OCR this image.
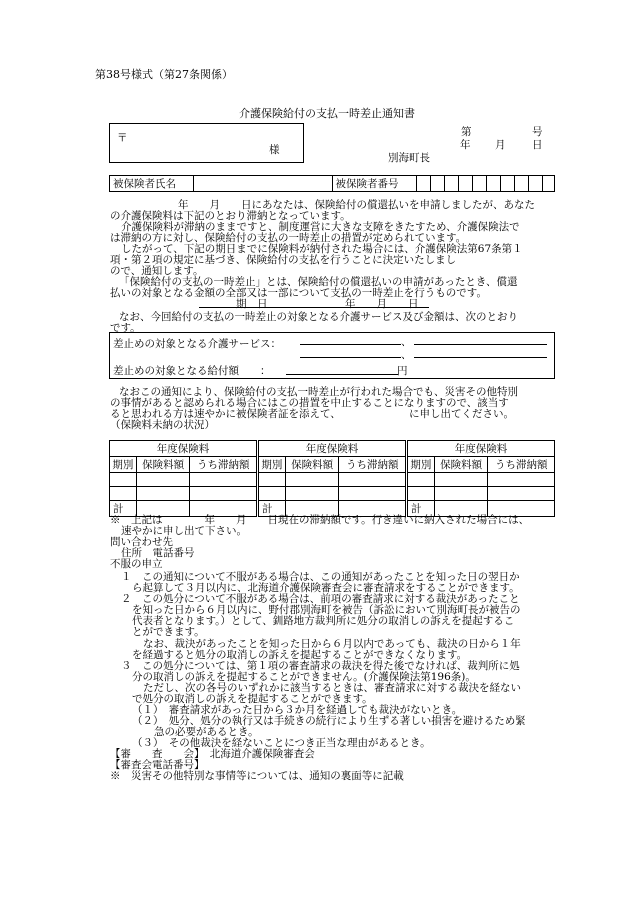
第38号様式（第27条関係）
介護保険給付の支払一時差止通知書
〒
様
第	号
年 月	日
別海町長
被保険者氏名		被保険者番号										
年　　月　　日にあなたは、保険給付の償還払いを申請しましたが、あなた
の介護保険料は下記のとおり滞納となっています。
介護保険料が滞納のままですと、制度運営に大きな支障をきたすため、介護保険法で
は滞納の方に対し、保険給付の支払の一時差止の措置が定められています。
したがって、下記の期日までに保険料が納付された場合には、介護保険法第67条第１
項・第２項の規定に基づき、保険給付の支払を行うことに決定いたしまし
ので、通知します。
「保険給付の支払の一時差止」とは、保険給付の償還払いの申請があったとき、償還
払いの対象となる金額の全部又は一部について支払の一時差止を行うものです。
期　日	年　　月　　日
なお、今回給付の支払の一時差止の対象となる介護サービス及び金額は、次のとおり
です。
差止めの対象となる介護サービス：	、
、
差止めの対象となる給付額　　：	円
なおこの通知により、保険給付の支払一時差止が行われた場合でも、災害その他特別
の事情があると認められる場合にはこの措置を中止することになりますので、該当す
ると思われる方は速やかに被保険者証を添えて、　　　　　　　に申し出てください。
（保険料未納の状況）
年度保険料		
期別	保険料額	うち滞納額

計		
年度保険料		
期別	保険料額	うち滞納額

計		
年度保険料		
期別	保険料額	うち滞納額

計		
※　上記は　　　　年　　月　　日現在の滞納額です。行き違いに納入された場合には、
速やかに申し出て下さい。
問い合わせ先
住所　電話番号
不服の申立
１　この通知について不服がある場合は、この通知があったことを知った日の翌日か
ら起算して３月以内に、北海道介護保険審査会に審査請求をすることができます。
２　この処分について不服がある場合は、前項の審査請求に対する裁決があったこと
を知った日から６月以内に、野付郡別海町を被告（訴訟において別海町長が被告の
代表者となります。）として、釧路地方裁判所に処分の取消しの訴えを提起するこ
とができます。
なお、裁決があったことを知った日から６月以内であっても、裁決の日から１年
を経過すると処分の取消しの訴えを提起することができなくなります。
３　この処分については、第１項の審査請求の裁決を得た後でなければ、裁判所に処
分の取消しの訴えを提起することができません。(介護保険法第196条)。
ただし、次の各号のいずれかに該当するときは、審査請求に対する裁決を経ない
で処分の取消しの訴えを提起することができます。
（１）　審査請求があった日から３か月を経過しても裁決がないとき。
（２）　処分、処分の執行又は手続きの続行により生ずる著しい損害を避けるため緊
急の必要があるとき。
（３）　その他裁決を経ないことにつき正当な理由があるとき。
【審　　査　　会】　北海道介護保険審査会
【審査会電話番号】
※　災害その他特別な事情等については、通知の裏面等に記載
